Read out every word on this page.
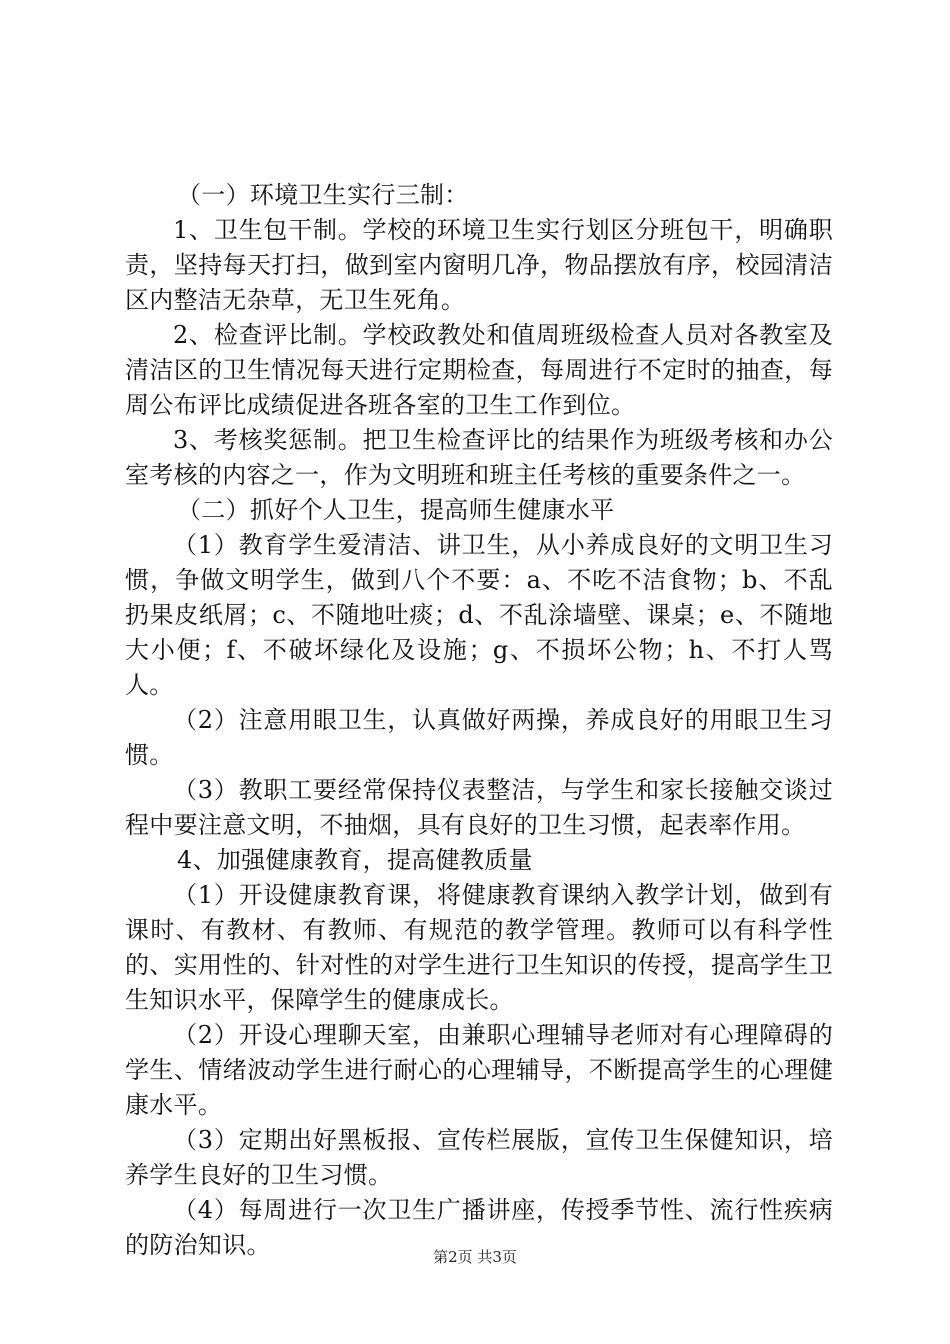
（一）环境卫生实行三制：

1、卫生包干制。学校的环境卫生实行划区分班包干，明确职责，坚持每天打扫，做到室内窗明几净，物品摆放有序，校园清洁区内整洁无杂草，无卫生死角。

2、检查评比制。学校政教处和值周班级检查人员对各教室及清洁区的卫生情况每天进行定期检查，每周进行不定时的抽查，每周公布评比成绩促进各班各室的卫生工作到位。

3、考核奖惩制。把卫生检查评比的结果作为班级考核和办公室考核的内容之一，作为文明班和班主任考核的重要条件之一。

（二）抓好个人卫生，提高师生健康水平

（1）教育学生爱清洁、讲卫生，从小养成良好的文明卫生习惯，争做文明学生，做到八个不要：a、不吃不洁食物；b、不乱扔果皮纸屑；c、不随地吐痰；d、不乱涂墙壁、课桌；e、不随地大小便；f、不破坏绿化及设施；g、不损坏公物；h、不打人骂人。

（2）注意用眼卫生，认真做好两操，养成良好的用眼卫生习惯。

（3）教职工要经常保持仪表整洁，与学生和家长接触交谈过程中要注意文明，不抽烟，具有良好的卫生习惯，起表率作用。

4、加强健康教育，提高健教质量

（1）开设健康教育课，将健康教育课纳入教学计划，做到有课时、有教材、有教师、有规范的教学管理。教师可以有科学性的、实用性的、针对性的对学生进行卫生知识的传授，提高学生卫生知识水平，保障学生的健康成长。

（2）开设心理聊天室，由兼职心理辅导老师对有心理障碍的学生、情绪波动学生进行耐心的心理辅导，不断提高学生的心理健康水平。

（3）定期出好黑板报、宣传栏展版，宣传卫生保健知识，培养学生良好的卫生习惯。

（4）每周进行一次卫生广播讲座，传授季节性、流行性疾病的防治知识。	第2页 共3页
